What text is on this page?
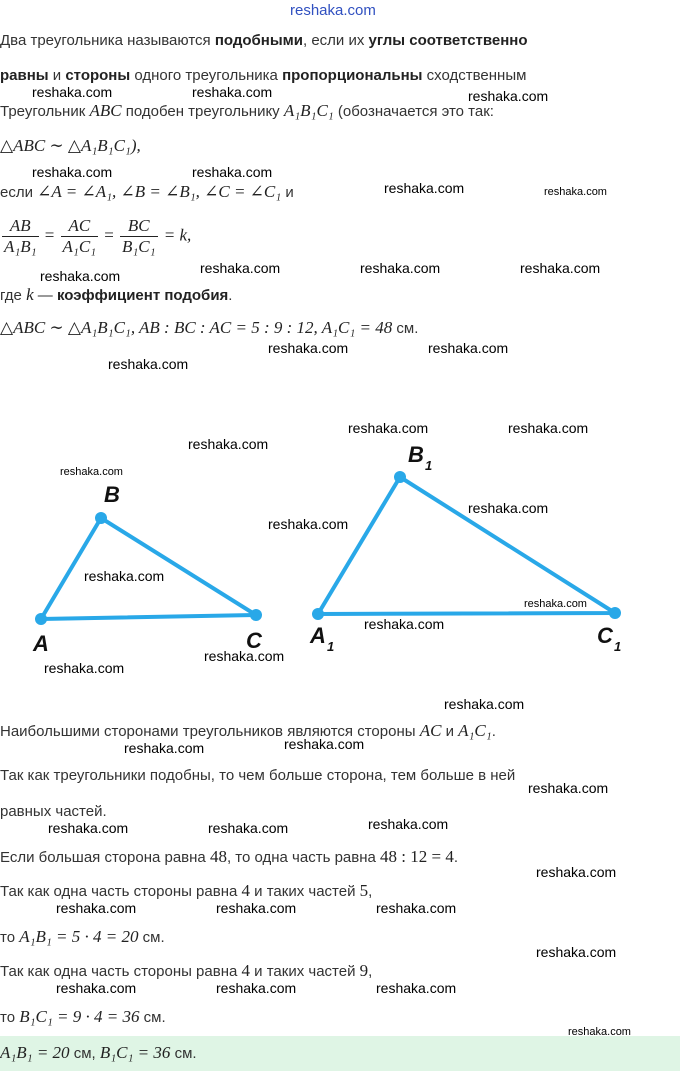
reshaka.com
Два треугольника называются подобными, если их углы соответственно
равны и стороны одного треугольника пропорциональны сходственным
Треугольник ABC подобен треугольнику A₁B₁C₁ (обозначается это так:
△ABC ∼ △A₁B₁C₁),
если ∠A = ∠A₁, ∠B = ∠B₁, ∠C = ∠C₁ и
$\frac{AB}{\text{A₁B₁}} = \frac{AC}{\text{A₁C₁}} = \frac{BC}{\text{B₁C₁}} = k$,
где k — коэффициент подобия.
△ABC ∼ △A₁B₁C₁, AB : BC : AC = 5 : 9 : 12, A₁C₁ = 48 см.
B
A	C
B 1
A 1	C 1
Наибольшими сторонами треугольников являются стороны AC и A₁C₁.
Так как треугольники подобны, то чем больше сторона, тем больше в ней
равных частей.
Если большая сторона равна 48, то одна часть равна 48 : 12 = 4.
Так как одна часть стороны равна 4 и таких частей 5,
то A₁B₁ = 5 · 4 = 20 см.
Так как одна часть стороны равна 4 и таких частей 9,
то B₁C₁ = 9 · 4 = 36 см.
A₁B₁ = 20 см, B₁C₁ = 36 см.
reshaka.com	reshaka.com	reshaka.com
reshaka.com	reshaka.com
reshaka.com	reshaka.com
reshaka.com	reshaka.com	reshaka.com
reshaka.com
reshaka.com	reshaka.com
reshaka.com
reshaka.com	reshaka.com
reshaka.com
reshaka.com
reshaka.com
reshaka.com
reshaka.com
reshaka.com
reshaka.com
reshaka.com
reshaka.com
reshaka.com
reshaka.com
reshaka.com
reshaka.com
reshaka.com
reshaka.com	reshaka.com
reshaka.com
reshaka.com	reshaka.com	reshaka.com
reshaka.com
reshaka.com	reshaka.com	reshaka.com
reshaka.com
